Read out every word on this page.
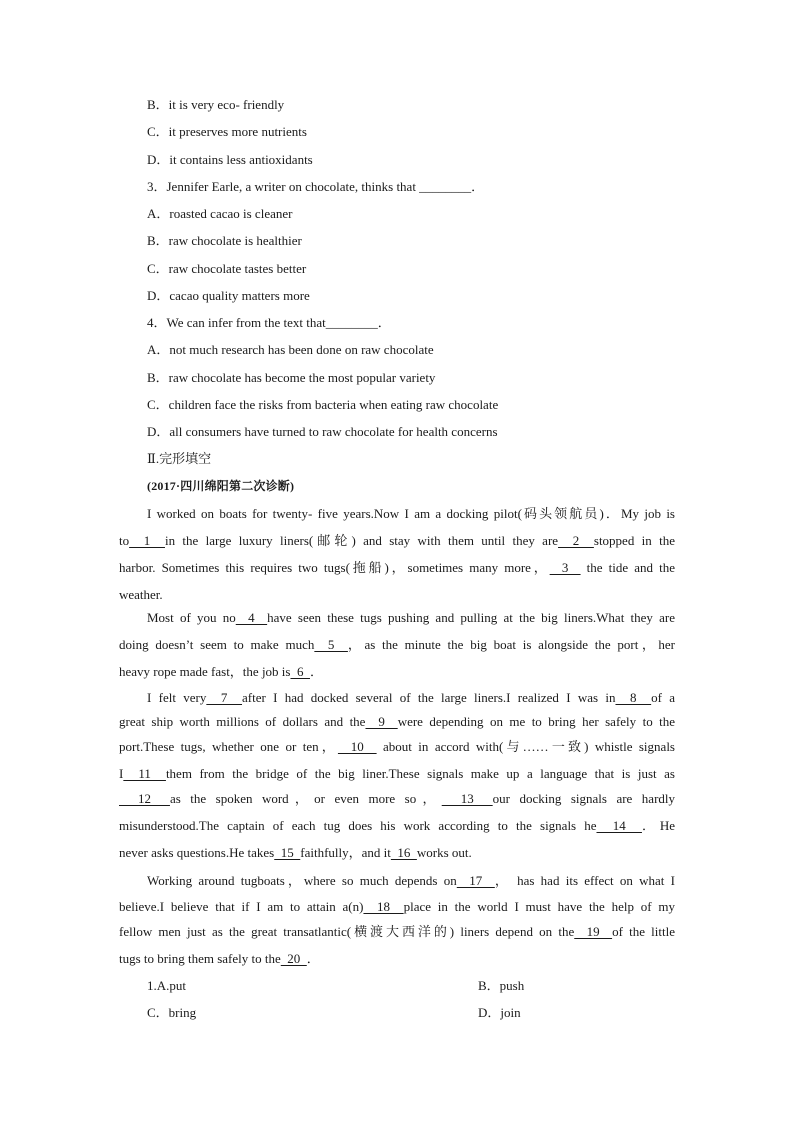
B．it is very eco- friendly
C．it preserves more nutrients
D．it contains less antioxidants
3．Jennifer Earle, a writer on chocolate, thinks that ________．
A．roasted cacao is cleaner
B．raw chocolate is healthier
C．raw chocolate tastes better
D．cacao quality matters more
4．We can infer from the text that________．
A．not much research has been done on raw chocolate
B．raw chocolate has become the most popular variety
C．children face the risks from bacteria when eating raw chocolate
D．all consumers have turned to raw chocolate for health concerns
Ⅱ.完形填空
(2017·四川绵阳第二次诊断)
I worked on boats for twenty- five years.Now I am a docking pilot(码头领航员)．My job is
to  1  in the large luxury liners(邮轮) and stay with them until they are  2  stopped in the
harbor. Sometimes this requires two tugs(拖船)，sometimes many more，  3   the tide and the
weather.
Most of you no  4  have seen these tugs pushing and pulling at the big liners.What they are
doing doesn’t seem to make much  5  ，as the minute the big boat is alongside the port，her
heavy rope made fast，the job is  6  ．
I felt very  7  after I had docked several of the large liners.I realized I was in  8  of a
great ship worth millions of dollars and the  9  were depending on me to bring her safely to the
port.These tugs, whether one or ten，  10   about in accord with(与……一致) whistle signals
I  11  them from the bridge of the big liner.These signals make up a language that is just as
12  as the spoken word，or even more so，  13  our docking signals are hardly
misunderstood.The captain of each tug does his work according to the signals he  14  ．He
never asks questions.He takes  15  faithfully，and it  16  works out.
Working around tugboats，where so much depends on  17  ， has had its effect on what I
believe.I believe that if I am to attain a(n)  18  place in the world I must have the help of my
fellow men just as the great transatlantic(横渡大西洋的) liners depend on the  19  of the little
tugs to bring them safely to the  20  ．
1.A.put	B．push
C．bring	D．join
